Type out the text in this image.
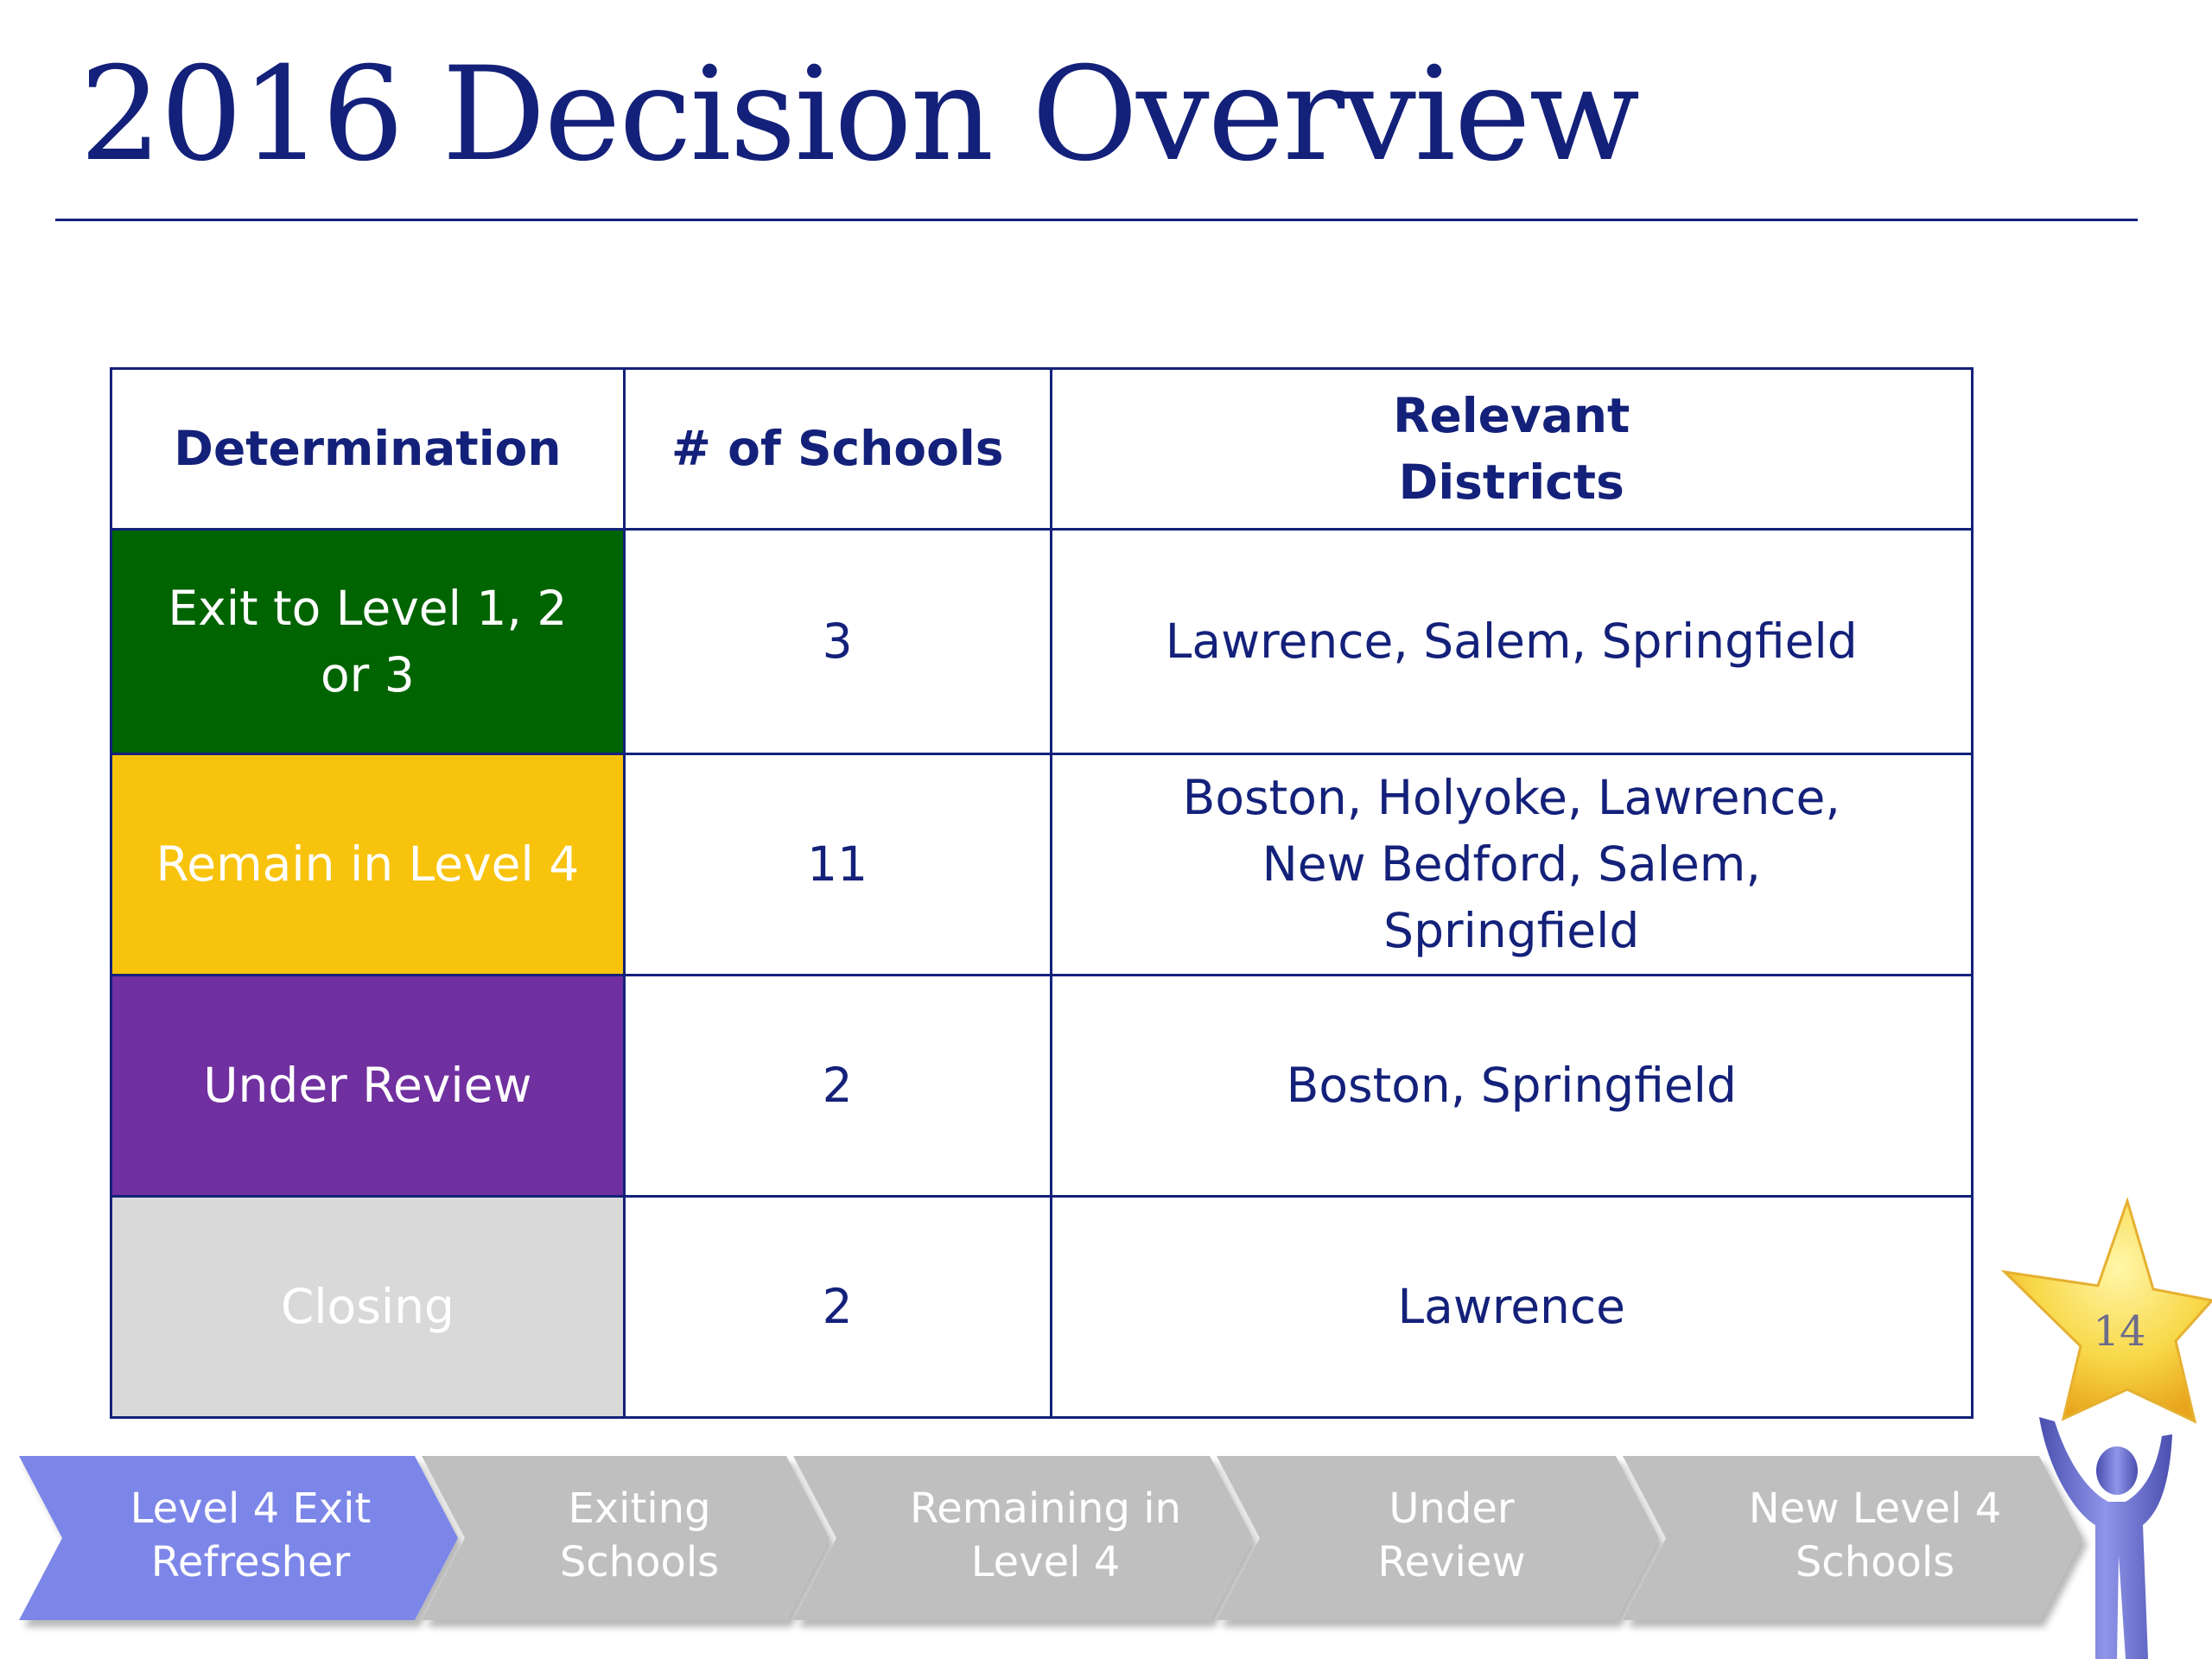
2016 Decision Overview
Determination	# of Schools	Relevant
Districts
Exit to Level 1, 2 or 3	3	Lawrence, Salem, Springfield
Remain in Level 4	11	Boston, Holyoke, Lawrence, New Bedford, Salem, Springfield
Under Review	2	Boston, Springfield
Closing	2	Lawrence
Level 4 Exit
Refresher
Exiting
Schools
Remaining in
Level 4
Under
Review
New Level 4
Schools
14
